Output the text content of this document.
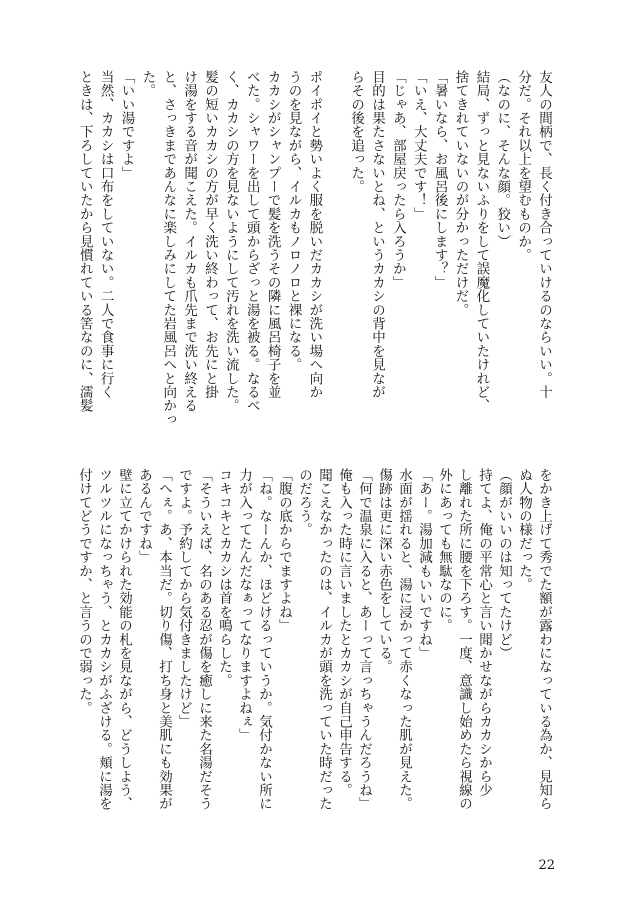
友人の間柄で、長く付き合っていけるのならいい。十
分だ。それ以上を望むものか。
（なのに、そんな顔。狡い）
結局、ずっと見ないふりをして誤魔化していたけれど、
捨てきれていないのが分かっただけだ。
「暑いなら、お風呂後にします？」
「いえ、大丈夫です！」
「じゃあ、部屋戻ったら入ろうか」
目的は果たさないとね、というカカシの背中を見なが
らその後を追った。
ポイポイと勢いよく服を脱いだカカシが洗い場へ向か
うのを見ながら、イルカもノロノロと裸になる。
カカシがシャンプーで髪を洗うその隣に風呂椅子を並
べた。シャワーを出して頭からざっと湯を被る。なるべ
く、カカシの方を見ないようにして汚れを洗い流した。
髪の短いカカシの方が早く洗い終わって、お先にと掛
け湯をする音が聞こえた。イルカも爪先まで洗い終える
と、さっきまであんなに楽しみにしてた岩風呂へと向かっ
た。
「いい湯ですよ」
当然、カカシは口布をしていない。二人で食事に行く
ときは、下ろしていたから見慣れている筈なのに、濡髪
をかき上げて秀でた額が露わになっている為か、見知ら
ぬ人物の様だった。
（顔がいいのは知ってたけど）
持てよ、俺の平常心と言い聞かせながらカカシから少
し離れた所に腰を下ろす。一度、意識し始めたら視線の
外にあっても無駄なのに。
「あー。湯加減もいいですね」
水面が揺れると、湯に浸かって赤くなった肌が見えた。
傷跡は更に深い赤色をしている。
「何で温泉に入ると、あーって言っちゃうんだろうね」
俺も入った時に言いましたとカカシが自己申告する。
聞こえなかったのは、イルカが頭を洗っていた時だった
のだろう。
「腹の底からでますよね」
「ね。なーんか、ほどけるっていうか。気付かない所に
力が入ってたんだなぁってなりますよねぇ」
コキコキとカカシは首を鳴らした。
「そういえば、名のある忍が傷を癒しに来た名湯だそう
ですよ。予約してから気付きましたけど」
「へぇ。あ、本当だ。切り傷、打ち身と美肌にも効果が
あるんですね」
壁に立てかけられた効能の札を見ながら、どうしよう、
ツルツルになっちゃう、とカカシがふざける。頬に湯を
付けてどうですか、と言うので弱った。
22
